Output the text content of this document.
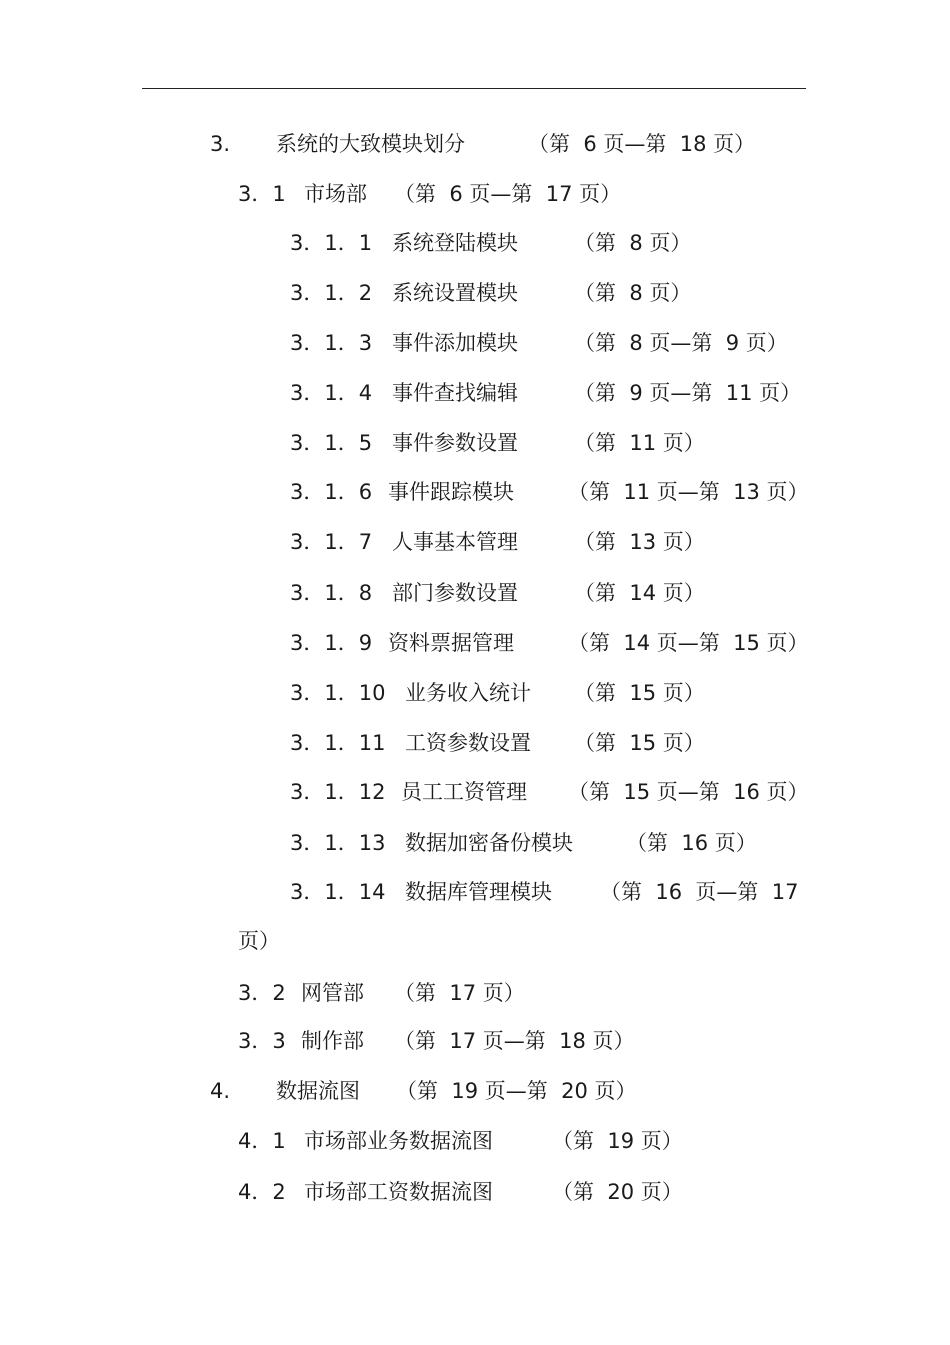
3. 系统的大致模块划分	（第  6 页—第  18 页）
3．1 市场部 （第  6 页—第  17 页）
3．1．1 系统登陆模块	（第  8 页）
3．1．2 系统设置模块	（第  8 页）
3．1．3 事件添加模块	（第  8 页—第  9 页）
3．1．4 事件查找编辑	（第  9 页—第  11 页）
3．1．5 事件参数设置	（第  11 页）
3．1．6 事件跟踪模块	（第  11 页—第  13 页）
3．1．7 人事基本管理	（第  13 页）
3．1．8 部门参数设置	（第  14 页）
3．1．9 资料票据管理	（第  14 页—第  15 页）
3．1．10 业务收入统计 （第  15 页）
3．1．11 工资参数设置 （第  15 页）
3．1．12 员工工资管理 （第  15 页—第  16 页）
3．1．13 数据加密备份模块	（第  16 页）
3．1．14 数据库管理模块 （第  16  页—第  17
页）
3．2 网管部 （第  17 页）
3．3 制作部 （第  17 页—第  18 页）
4. 数据流图 （第  19 页—第  20 页）
4．1 市场部业务数据流图	（第  19 页）
4．2 市场部工资数据流图	（第  20 页）
